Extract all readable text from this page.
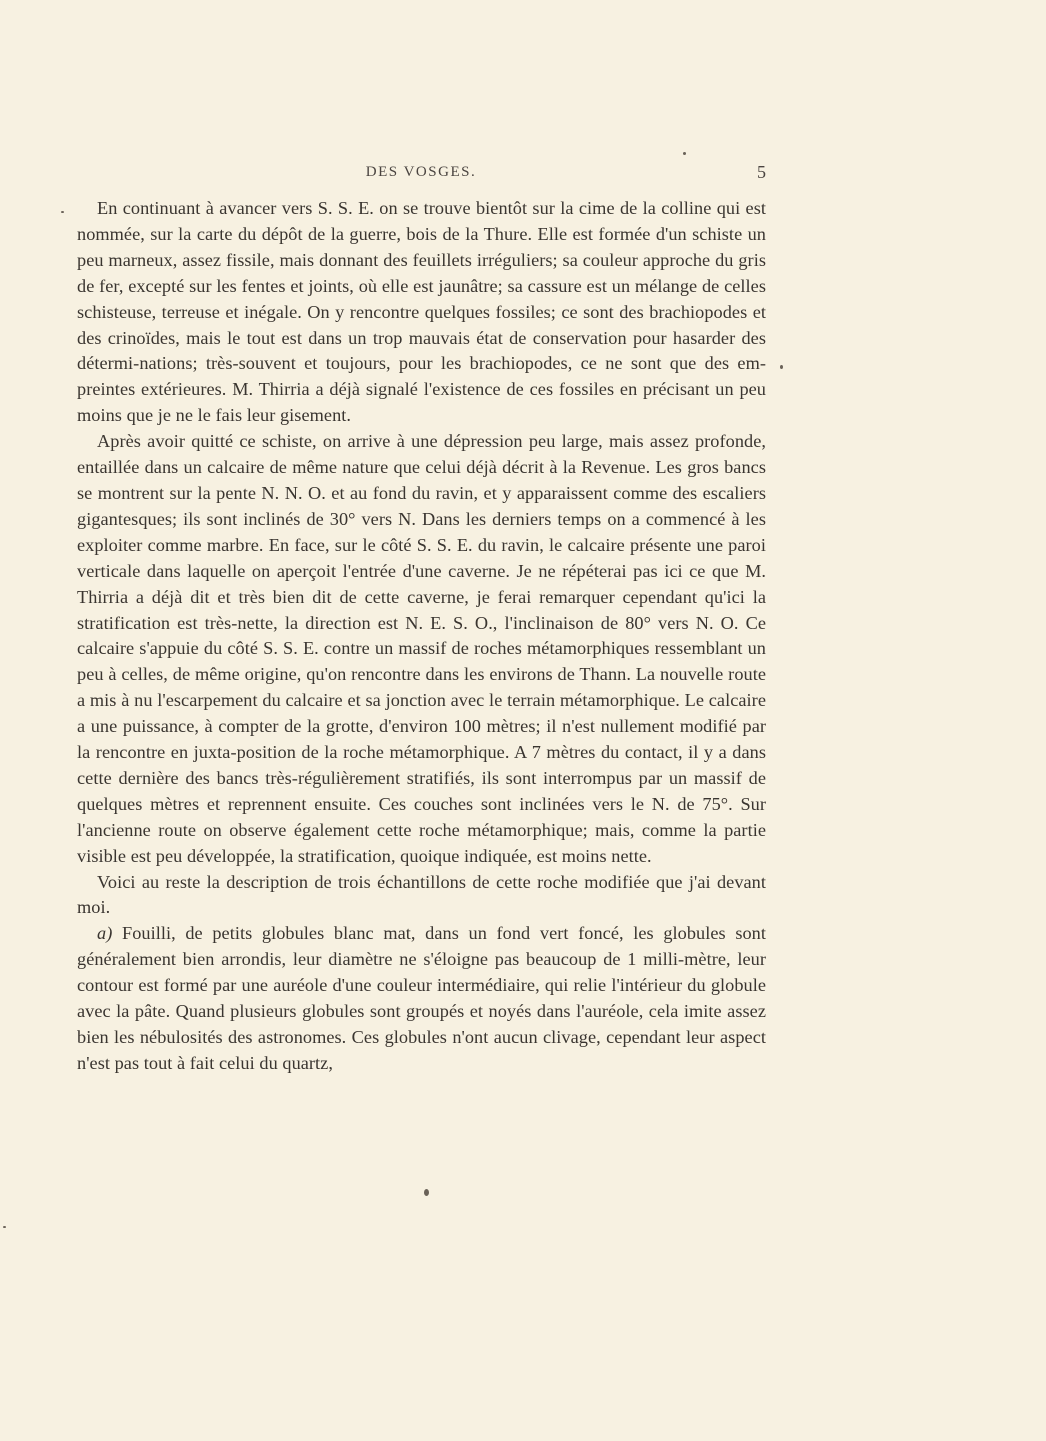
DES VOSGES.	5

En continuant à avancer vers S. S. E. on se trouve bientôt sur la cime de la colline qui est nommée, sur la carte du dépôt de la guerre, bois de la Thure. Elle est formée d'un schiste un peu marneux, assez fissile, mais donnant des feuillets irréguliers; sa couleur approche du gris de fer, excepté sur les fentes et joints, où elle est jaunâtre; sa cassure est un mélange de celles schisteuse, terreuse et inégale. On y rencontre quelques fossiles; ce sont des brachiopodes et des crinoïdes, mais le tout est dans un trop mauvais état de conservation pour hasarder des détermi-nations; très-souvent et toujours, pour les brachiopodes, ce ne sont que des em-preintes extérieures. M. Thirria a déjà signalé l'existence de ces fossiles en précisant un peu moins que je ne le fais leur gisement.

Après avoir quitté ce schiste, on arrive à une dépression peu large, mais assez profonde, entaillée dans un calcaire de même nature que celui déjà décrit à la Revenue. Les gros bancs se montrent sur la pente N. N. O. et au fond du ravin, et y apparaissent comme des escaliers gigantesques; ils sont inclinés de 30° vers N. Dans les derniers temps on a commencé à les exploiter comme marbre. En face, sur le côté S. S. E. du ravin, le calcaire présente une paroi verticale dans laquelle on aperçoit l'entrée d'une caverne. Je ne répéterai pas ici ce que M. Thirria a déjà dit et très bien dit de cette caverne, je ferai remarquer cependant qu'ici la stratification est très-nette, la direction est N. E. S. O., l'inclinaison de 80° vers N. O. Ce calcaire s'appuie du côté S. S. E. contre un massif de roches métamorphiques ressemblant un peu à celles, de même origine, qu'on rencontre dans les environs de Thann. La nouvelle route a mis à nu l'escarpement du calcaire et sa jonction avec le terrain métamorphique. Le calcaire a une puissance, à compter de la grotte, d'environ 100 mètres; il n'est nullement modifié par la rencontre en juxta-position de la roche métamorphique. A 7 mètres du contact, il y a dans cette dernière des bancs très-régulièrement stratifiés, ils sont interrompus par un massif de quelques mètres et reprennent ensuite. Ces couches sont inclinées vers le N. de 75°. Sur l'ancienne route on observe également cette roche métamorphique; mais, comme la partie visible est peu développée, la stratification, quoique indiquée, est moins nette.

Voici au reste la description de trois échantillons de cette roche modifiée que j'ai devant moi.

a) Fouilli, de petits globules blanc mat, dans un fond vert foncé, les globules sont généralement bien arrondis, leur diamètre ne s'éloigne pas beaucoup de 1 milli-mètre, leur contour est formé par une auréole d'une couleur intermédiaire, qui relie l'intérieur du globule avec la pâte. Quand plusieurs globules sont groupés et noyés dans l'auréole, cela imite assez bien les nébulosités des astronomes. Ces globules n'ont aucun clivage, cependant leur aspect n'est pas tout à fait celui du quartz,
